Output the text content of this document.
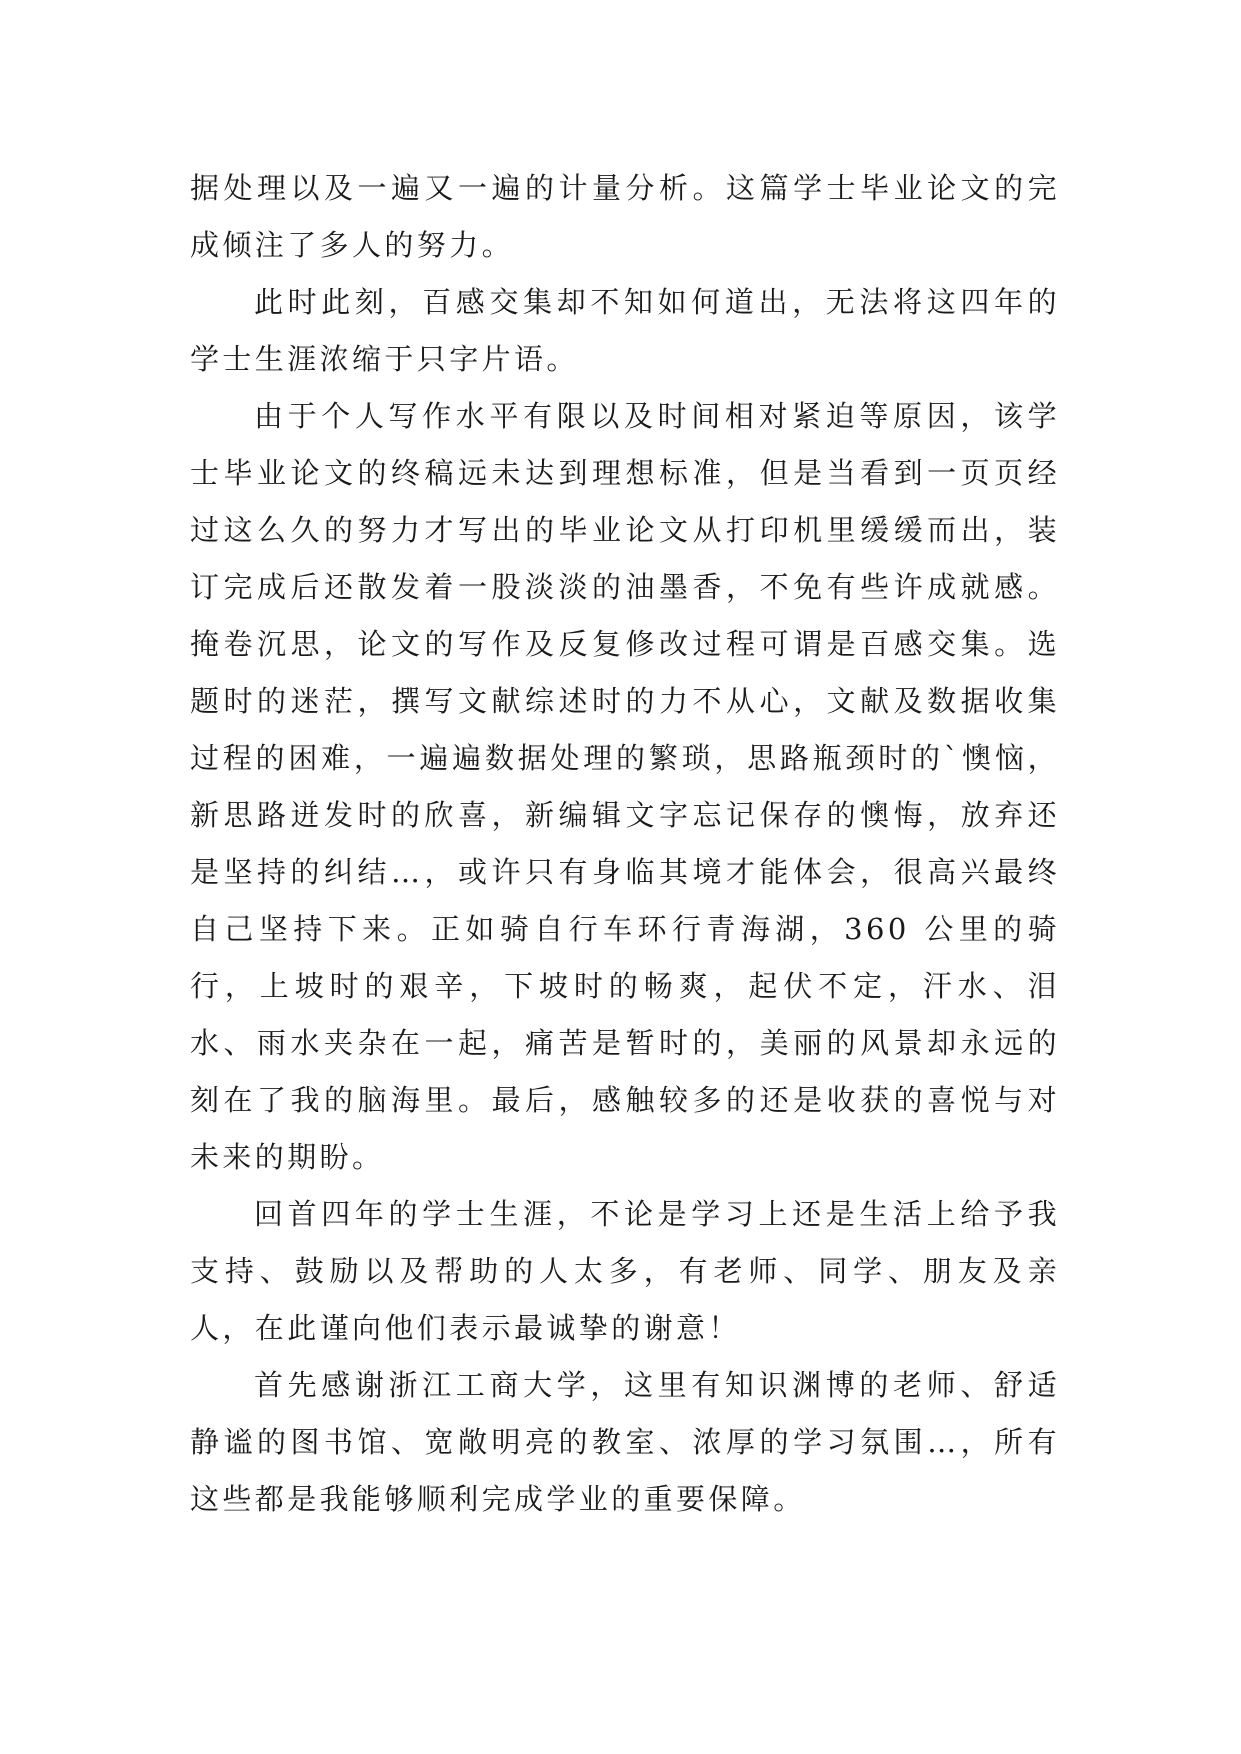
据处理以及一遍又一遍的计量分析。这篇学士毕业论文的完成倾注了多人的努力。

此时此刻，百感交集却不知如何道出，无法将这四年的学士生涯浓缩于只字片语。

由于个人写作水平有限以及时间相对紧迫等原因，该学士毕业论文的终稿远未达到理想标准，但是当看到一页页经过这么久的努力才写出的毕业论文从打印机里缓缓而出，装订完成后还散发着一股淡淡的油墨香，不免有些许成就感。掩卷沉思，论文的写作及反复修改过程可谓是百感交集。选题时的迷茫，撰写文献综述时的力不从心，文献及数据收集过程的困难，一遍遍数据处理的繁琐，思路瓶颈时的`懊恼，新思路迸发时的欣喜，新编辑文字忘记保存的懊悔，放弃还是坚持的纠结…，或许只有身临其境才能体会，很高兴最终自己坚持下来。正如骑自行车环行青海湖，360 公里的骑行，上坡时的艰辛，下坡时的畅爽，起伏不定，汗水、泪水、雨水夹杂在一起，痛苦是暂时的，美丽的风景却永远的刻在了我的脑海里。最后，感触较多的还是收获的喜悦与对未来的期盼。

回首四年的学士生涯，不论是学习上还是生活上给予我支持、鼓励以及帮助的人太多，有老师、同学、朋友及亲人，在此谨向他们表示最诚挚的谢意！

首先感谢浙江工商大学，这里有知识渊博的老师、舒适静谧的图书馆、宽敞明亮的教室、浓厚的学习氛围…，所有这些都是我能够顺利完成学业的重要保障。
